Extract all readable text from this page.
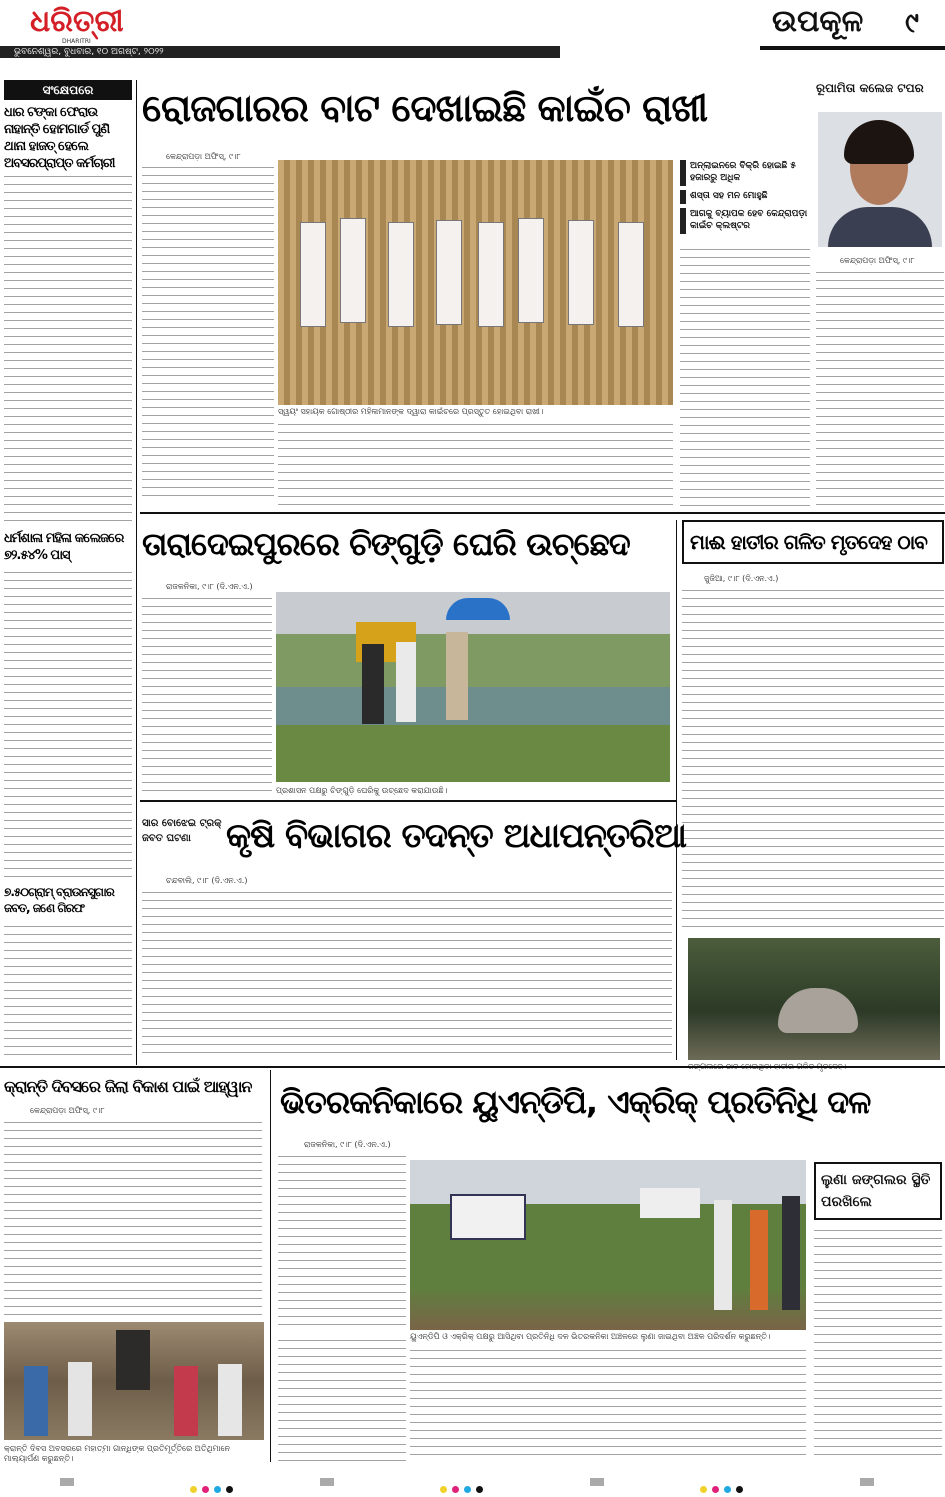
ଧରିତ୍ରୀ
DHARITRI
ଭୁବନେଶ୍ୱର, ବୁଧବାର, ୧୦ ଅଗଷ୍ଟ, ୨୦୨୨
ଉପକୂଳ ୯
ସଂକ୍ଷେପରେ
ଧାର ଟଙ୍କା ଫେରାଉ ନାହାନ୍ତି ହୋମଗାର୍ଡ ପୁଣି ଥାନା ହାଜତ୍ ହେଲେ ଅବସରପ୍ରାପ୍ତ କର୍ମଚାରୀ
ଧର୍ମଶାଳା ମହିଳା କଲେଜରେ ୭୨.୫୪% ପାସ୍
୭.୫୦ଗ୍ରାମ୍ ବ୍ରାଉନସୁଗାର ଜବତ, ଜଣେ ଗିରଫ
ରୋଜଗାରର ବାଟ ଦେଖାଇଛି କାଇଁଚ ରାଖୀ
କେନ୍ଦ୍ରାପଡ଼ା ଅଫିସ୍, ୯।୮
ସ୍ୱୟଂ ସହାୟକ ଗୋଷ୍ଠୀର ମହିଳାମାନଙ୍କ ଦ୍ୱାରା କାଇଁଚରେ ପ୍ରସ୍ତୁତ ହୋଇଥିବା ରାଖୀ।
ଅନ୍‌ଲାଇନରେ ବିକ୍ରି ହୋଇଛି ୫ ହଜାରରୁ ଅଧିକ
ଶସ୍ତା ସହ ମନ ମୋହୁଛି
ଆଗକୁ ବ୍ୟାପକ ହେବ କେନ୍ଦ୍ରାପଡ଼ା କାଇଁଚ କ୍ଲଷ୍ଟର
ରୂପାମିତା କଲେଜ ଟପର
କେନ୍ଦ୍ରାପଡ଼ା ଅଫିସ୍, ୯।୮
ତାରାଦେଇପୁରରେ ଚିଙ୍ଗୁଡ଼ି ଘେରି ଉଚ୍ଛେଦ
ରାଜକନିକା, ୯।୮ (ଦି.ଏନ.ଏ.)
ପ୍ରଶାସନ ପକ୍ଷରୁ ଚିଙ୍ଗୁଡ଼ି ଘେରିକୁ ଉଚ୍ଛେଦ କରାଯାଉଛି।
ମାଈ ହାତୀର ଗଳିତ ମୃତଦେହ ଠାବ
ଜୁଜିଆ, ୯।୮ (ଦି.ଏନ.ଏ.)
ସାର ବୋଝେଇ ଟ୍ରକ୍ ଜବତ ଘଟଣା	କୃଷି ବିଭାଗର ତଦନ୍ତ ଅଧାପନ୍ତରିଆ
ଚନ୍ଦବାଲି, ୯।୮ (ଦି.ଏନ.ଏ.)
କ୍ରାନ୍ତି ଦିବସରେ ଜିଲା ବିକାଶ ପାଇଁ ଆହ୍ୱାନ
କେନ୍ଦ୍ରାପଡ଼ା ଅଫିସ୍, ୯।୮
କ୍ରାନ୍ତି ଦିବସ ଅବସରରେ ମହାତ୍ମା ଗାନ୍ଧିଙ୍କ ପ୍ରତିମୂର୍ତ୍ତିରେ ଅତିଥିମାନେ ମାଲ୍ୟାର୍ପଣ କରୁଛନ୍ତି।
ଭିତରକନିକାରେ ୟୁଏନ୍‌ଡିପି, ଏକ୍ରିକ୍ ପ୍ରତିନିଧି ଦଳ
ରାଜକନିକା, ୯।୮ (ଦି.ଏନ.ଏ.)
ଲୁଣା ଜଙ୍ଗଲର ସ୍ଥିତି ପରଖିଲେ
ୟୁଏନ୍‌ଡିପି ଓ ଏକ୍ରିକ୍ ପକ୍ଷରୁ ଆସିଥିବା ପ୍ରତିନିଧି ଦଳ ଭିତରକନିକା ଅଞ୍ଚଳରେ ଲୁଣା ଜାଇଥିବା ଅଞ୍ଚଳ ପରିଦର୍ଶନ କରୁଛନ୍ତି।
